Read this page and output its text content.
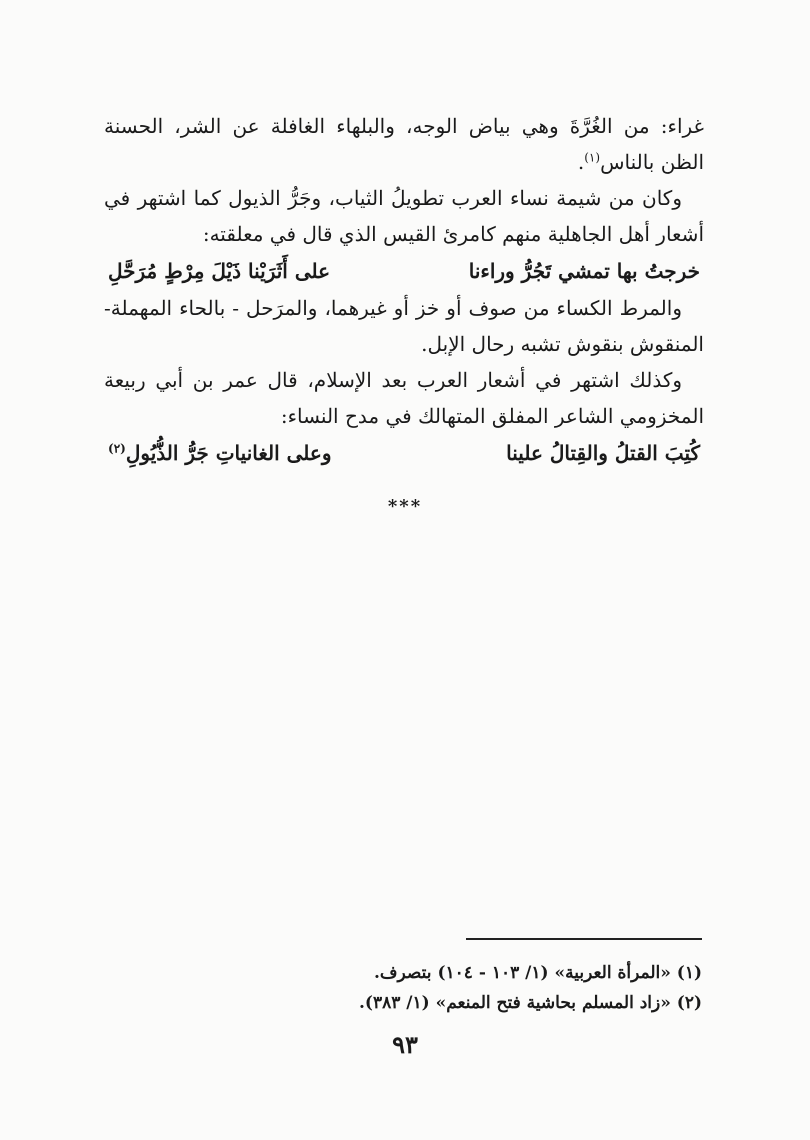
غراء: من الغُرَّةَ وهي بياض الوجه، والبلهاء الغافلة عن الشر، الحسنة الظن بالناس$^{(١)}$.

وكان من شيمة نساء العرب تطويلُ الثياب، وجَرُّ الذيول كما اشتهر في أشعار أهل الجاهلية منهم كامرئ القيس الذي قال في معلقته:

خرجتُ بها تمشي تَجُرُّ وراءنا
على أَثَرَيْنا ذَيْلَ مِرْطٍ مُرَحَّلِ

والمرط الكساء من صوف أو خز أو غيرهما، والمرَحل - بالحاء المهملة- المنقوش بنقوش تشبه رحال الإبل.

وكذلك اشتهر في أشعار العرب بعد الإسلام، قال عمر بن أبي ربيعة المخزومي الشاعر المفلق المتهالك في مدح النساء:

كُتِبَ القتلُ والقِتالُ علينا
وعلى الغانياتِ جَرُّ الذُّيُولِ$^{(٢)}$
***

(١) «المرأة العربية» (١/ ١٠٣ - ١٠٤) بتصرف.

(٢) «زاد المسلم بحاشية فتح المنعم» (١/ ٣٨٣).

٩٣
